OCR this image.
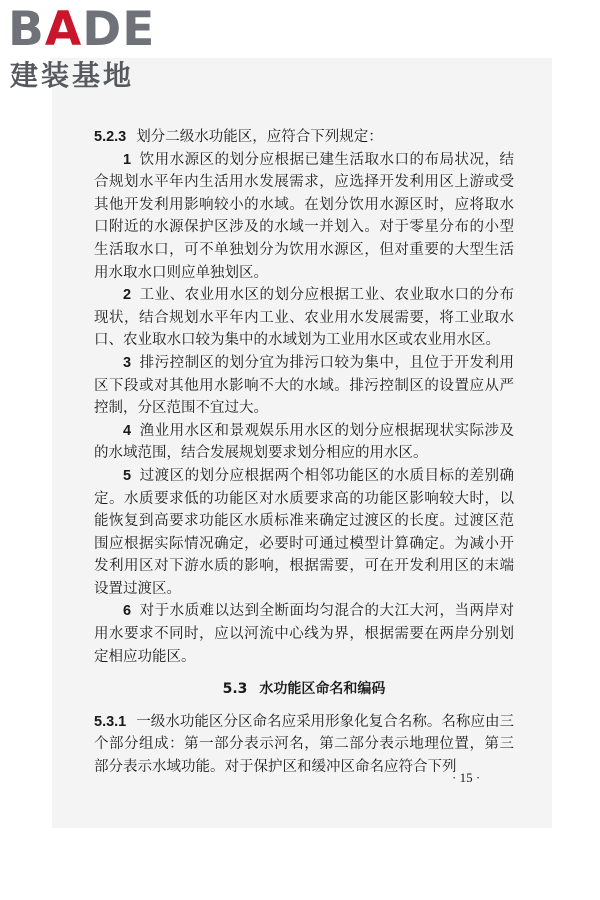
BADE
建装基地

5.2.3 划分二级水功能区，应符合下列规定：

1 饮用水源区的划分应根据已建生活取水口的布局状况，结合规划水平年内生活用水发展需求，应选择开发利用区上游或受其他开发利用影响较小的水域。在划分饮用水源区时，应将取水口附近的水源保护区涉及的水域一并划入。对于零星分布的小型生活取水口，可不单独划分为饮用水源区，但对重要的大型生活用水取水口则应单独划区。

2 工业、农业用水区的划分应根据工业、农业取水口的分布现状，结合规划水平年内工业、农业用水发展需要，将工业取水口、农业取水口较为集中的水域划为工业用水区或农业用水区。

3 排污控制区的划分宜为排污口较为集中，且位于开发利用区下段或对其他用水影响不大的水域。排污控制区的设置应从严控制，分区范围不宜过大。

4 渔业用水区和景观娱乐用水区的划分应根据现状实际涉及的水域范围，结合发展规划要求划分相应的用水区。

5 过渡区的划分应根据两个相邻功能区的水质目标的差别确定。水质要求低的功能区对水质要求高的功能区影响较大时，以能恢复到高要求功能区水质标准来确定过渡区的长度。过渡区范围应根据实际情况确定，必要时可通过模型计算确定。为减小开发利用区对下游水质的影响，根据需要，可在开发利用区的末端设置过渡区。

6 对于水质难以达到全断面均匀混合的大江大河，当两岸对用水要求不同时，应以河流中心线为界，根据需要在两岸分别划定相应功能区。

5.3 水功能区命名和编码

5.3.1 一级水功能区分区命名应采用形象化复合名称。名称应由三个部分组成：第一部分表示河名，第二部分表示地理位置，第三部分表示水域功能。对于保护区和缓冲区命名应符合下列

· 15 ·
